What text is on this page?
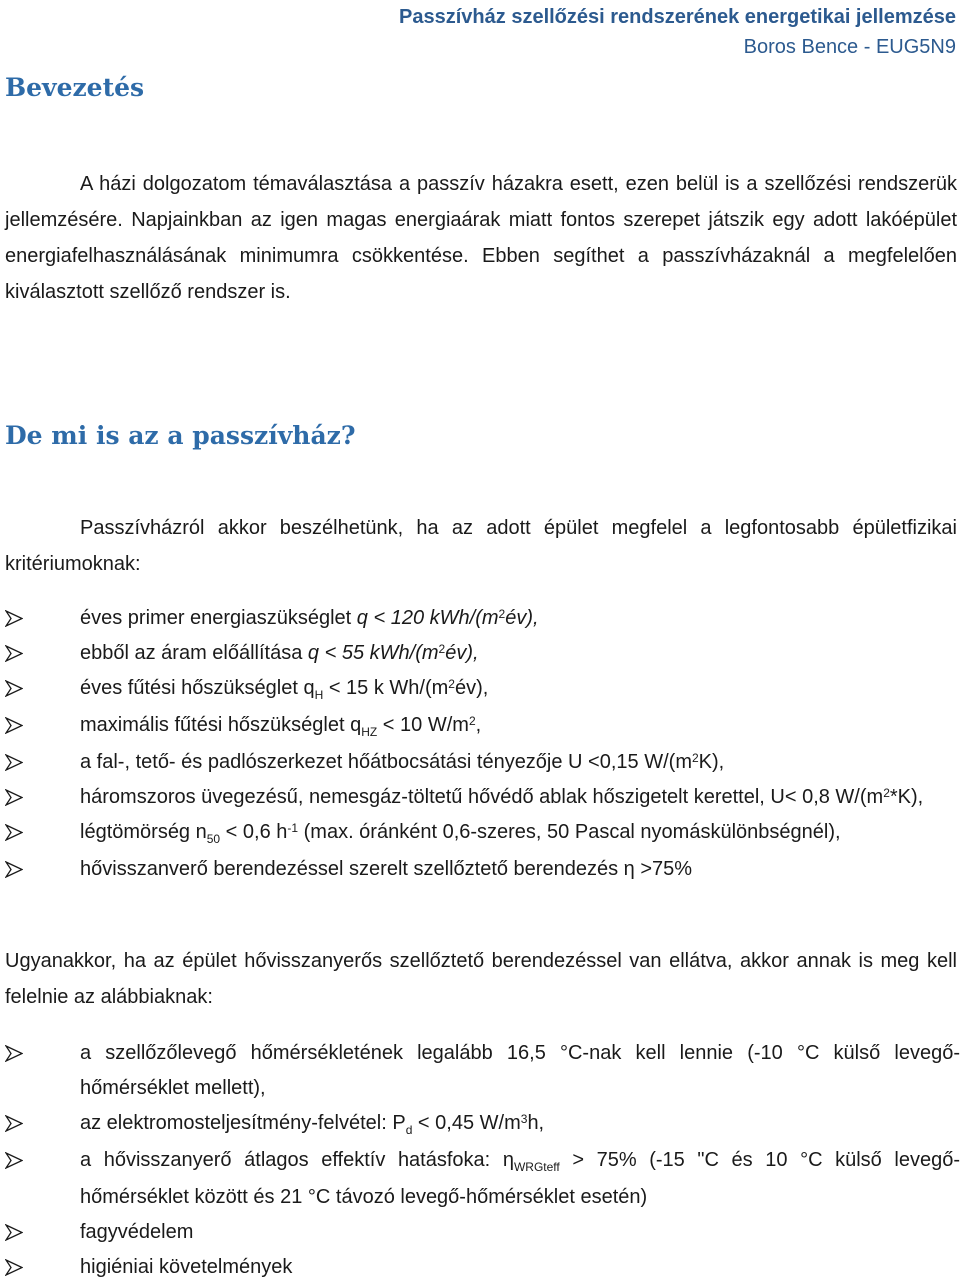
Passzívház szellőzési rendszerének energetikai jellemzése
Boros Bence - EUG5N9
Bevezetés
A házi dolgozatom témaválasztása a passzív házakra esett, ezen belül is a szellőzési rendszerük jellemzésére. Napjainkban az igen magas energiaárak miatt fontos szerepet játszik egy adott lakóépület energiafelhasználásának minimumra csökkentése. Ebben segíthet a passzívházaknál a megfelelően kiválasztott szellőző rendszer is.
De mi is az a passzívház?
Passzívházról akkor beszélhetünk, ha az adott épület megfelel a legfontosabb épületfizikai kritériumoknak:
éves primer energiaszükséglet q < 120 kWh/$(m^2év)$,
ebből az áram előállítása q < 55 kWh/$(m^2év)$,
éves fűtési hőszükséglet $q_H < 15$ k $Wh/(m^2év)$,
maximális fűtési hőszükséglet $q_{HZ} < 10$ $W/m^2$,
a fal-, tető- és padlószerkezet hőátbocsátási tényezője U <0,15 $W/(m^2K)$,
háromszoros üvegezésű, nemesgáz-töltetű hővédő ablak hőszigetelt kerettel, U< 0,8 $W/(m^2*K)$,
légtömörség $n_{50} < 0,6$ $h^{-1}$ (max. óránként 0,6-szeres, 50 Pascal nyomáskülönbségnél),
hővisszanverő berendezéssel szerelt szellőztető berendezés η >75%
Ugyanakkor, ha az épület hővisszanyerős szellőztető berendezéssel van ellátva, akkor annak is meg kell felelnie az alábbiaknak:
a szellőzőlevegő hőmérsékletének legalább 16,5 °C-nak kell lennie (-10 °C külső levegő-hőmérséklet mellett),
az elektromosteljesítmény-felvétel: $P_d < 0,45$ $W/m^3h$,
a hővisszanyerő átlagos effektív hatásfoka: $\eta_{WRGteff} > 75\%$ (-15 "C és 10 °C külső levegő-hőmérséklet között és 21 °C távozó levegő-hőmérséklet esetén)
fagyvédelem
higiéniai követelmények
